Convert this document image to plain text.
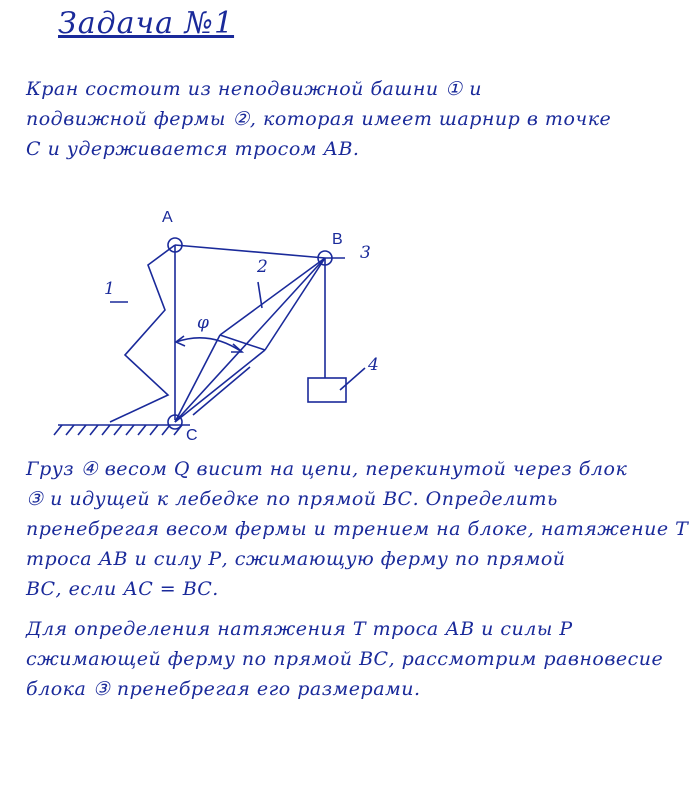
Задача №1
Кран состоит из неподвижной башни ① и
подвижной фермы ②, которая имеет шарнир в точке
С и удерживается тросом АВ.
A
B
C
1
2
3
4
φ
Груз ④ весом Q висит на цепи, перекинутой через блок
③ и идущей к лебедке по прямой ВС. Определить
пренебрегая весом фермы и трением на блоке, натяжение Т
троса АВ и силу Р, сжимающую ферму по прямой
ВС, если АС = ВС.
Для определения натяжения Т троса АВ и силы Р
сжимающей ферму по прямой ВС, рассмотрим равновесие
блока ③ пренебрегая его размерами.
